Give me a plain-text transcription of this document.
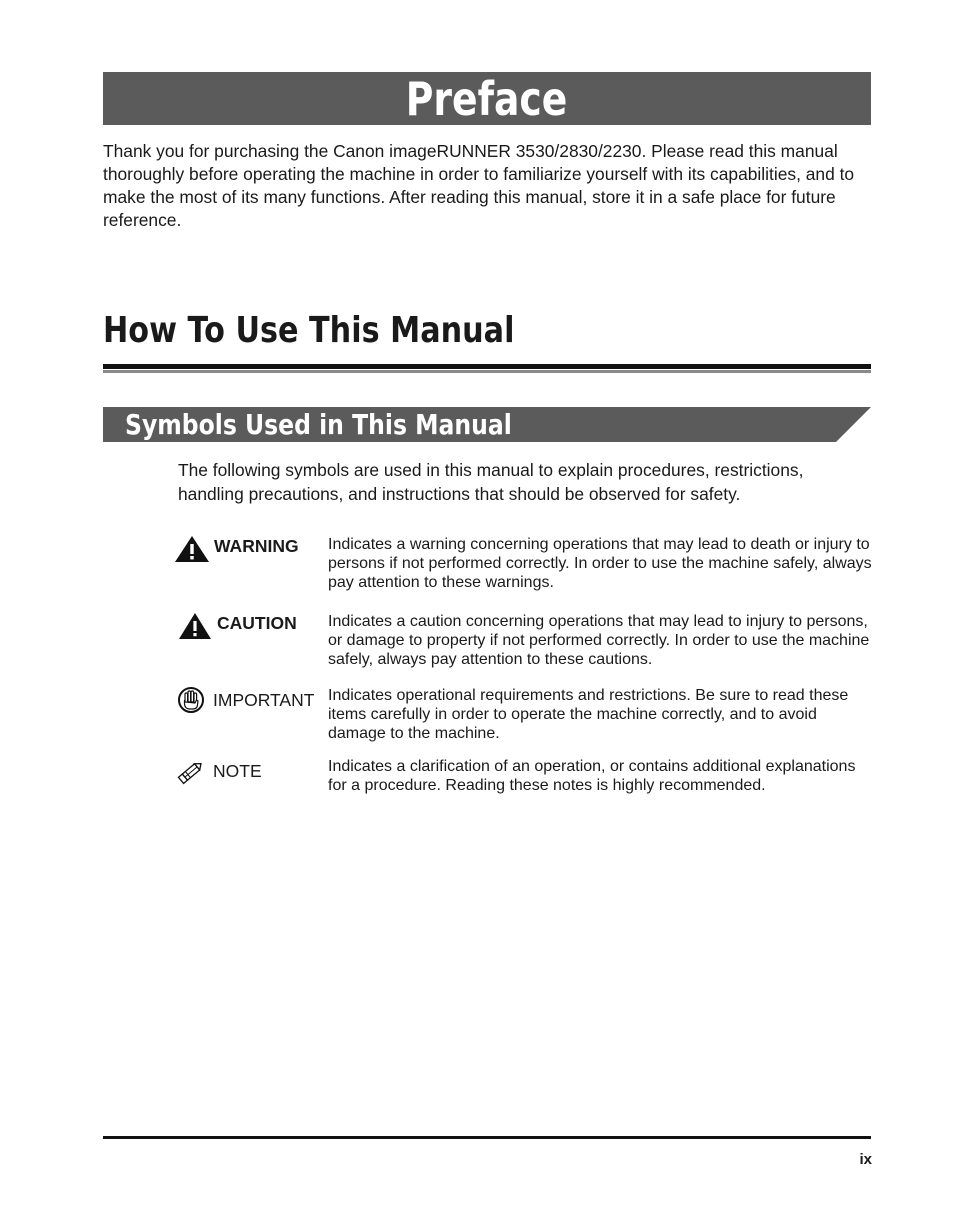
Preface

Thank you for purchasing the Canon imageRUNNER 3530/2830/2230. Please read this manual thoroughly before operating the machine in order to familiarize yourself with its capabilities, and to make the most of its many functions. After reading this manual, store it in a safe place for future reference.

How To Use This Manual
Symbols Used in This Manual

The following symbols are used in this manual to explain procedures, restrictions, handling precautions, and instructions that should be observed for safety.

WARNING Indicates a warning concerning operations that may lead to death or injury to persons if not performed correctly. In order to use the machine safely, always pay attention to these warnings.

CAUTION Indicates a caution concerning operations that may lead to injury to persons, or damage to property if not performed correctly. In order to use the machine safely, always pay attention to these cautions.

IMPORTANT Indicates operational requirements and restrictions. Be sure to read these items carefully in order to operate the machine correctly, and to avoid damage to the machine.

NOTE	Indicates a clarification of an operation, or contains additional explanations for a procedure. Reading these notes is highly recommended.

ix
